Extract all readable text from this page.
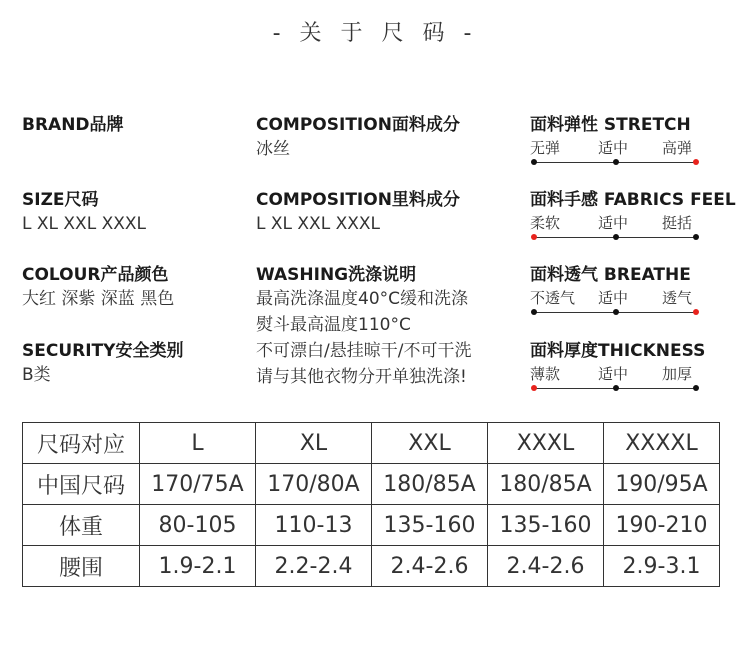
- 关 于 尺 码 -
BRAND品牌
SIZE尺码
L XL XXL XXXL
COLOUR产品颜色
大红 深紫 深蓝 黑色
SECURITY安全类别
B类
COMPOSITION面料成分
冰丝
COMPOSITION里料成分
L XL XXL XXXL
WASHING洗涤说明
最高洗涤温度40°C缓和洗涤
熨斗最高温度110°C
不可漂白/悬挂晾干/不可干洗
请与其他衣物分开单独洗涤!
面料弹性 STRETCH
无弹	适中 高弹
面料手感 FABRICS FEEL
柔软	适中 挺括
面料透气 BREATHE
不透气 适中 透气
面料厚度THICKNESS
薄款	适中 加厚
尺码对应	L	XL	XXL	XXXL	XXXXL
中国尺码	170/75A	170/80A	180/85A	180/85A	190/95A
体重	80-105	110-13	135-160	135-160	190-210
腰围	1.9-2.1	2.2-2.4	2.4-2.6	2.4-2.6	2.9-3.1
